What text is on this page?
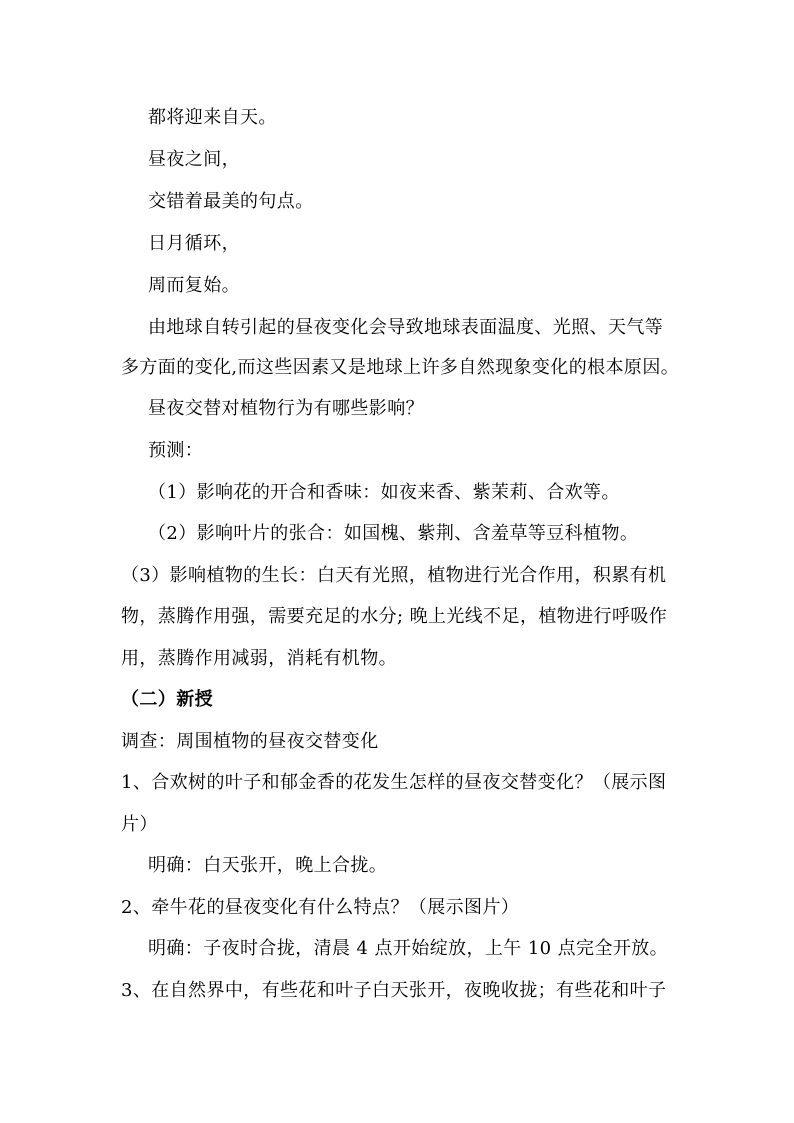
都将迎来自天。
昼夜之间，
交错着最美的句点。
日月循环，
周而复始。
由地球自转引起的昼夜变化会导致地球表面温度、光照、天气等
多方面的变化,而这些因素又是地球上许多自然现象变化的根本原因。
昼夜交替对植物行为有哪些影响？
预测：
（1）影响花的开合和香味：如夜来香、紫茉莉、合欢等。
（2）影响叶片的张合：如国槐、紫荆、含羞草等豆科植物。
（3）影响植物的生长：白天有光照，植物进行光合作用，积累有机
物，蒸腾作用强，需要充足的水分; 晚上光线不足，植物进行呼吸作
用，蒸腾作用减弱，消耗有机物。
（二）新授
调查：周围植物的昼夜交替变化
1、合欢树的叶子和郁金香的花发生怎样的昼夜交替变化？（展示图
片）
明确：白天张开，晚上合拢。
2、牵牛花的昼夜变化有什么特点？（展示图片）
明确：子夜时合拢，清晨 4 点开始绽放，上午 10 点完全开放。
3、在自然界中，有些花和叶子白天张开，夜晚收拢；有些花和叶子
